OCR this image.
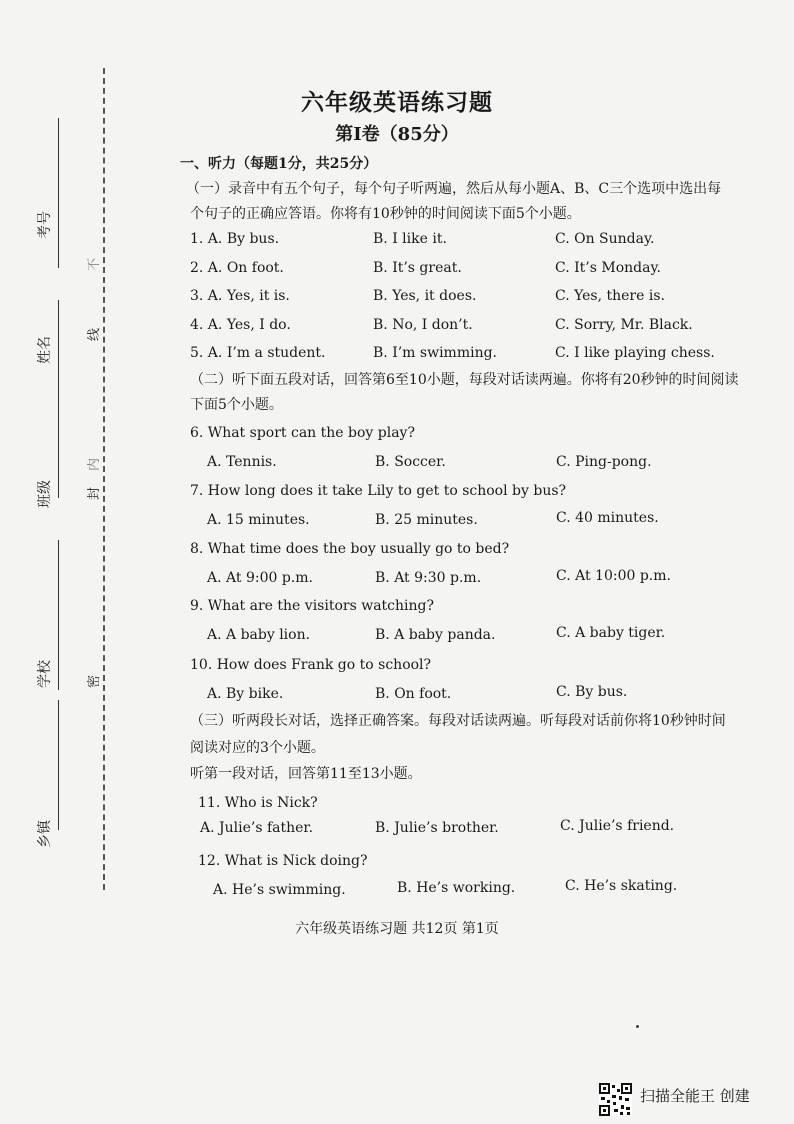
考号
姓名
班级
学校
乡镇
不
线
内
封
密
六年级英语练习题
第Ⅰ卷（85分）
一、听力（每题1分，共25分）
（一）录音中有五个句子，每个句子听两遍，然后从每小题A、B、C三个选项中选出每
个句子的正确应答语。你将有10秒钟的时间阅读下面5个小题。
1. A. By bus.	B. I like it.	C. On Sunday.
2. A. On foot.	B. It’s great.	C. It’s Monday.
3. A. Yes, it is.	B. Yes, it does.	C. Yes, there is.
4. A. Yes, I do.	B. No, I don’t.	C. Sorry, Mr. Black.
5. A. I’m a student.	B. I’m swimming.	C. I like playing chess.
（二）听下面五段对话，回答第6至10小题，每段对话读两遍。你将有20秒钟的时间阅读
下面5个小题。
6. What sport can the boy play?
A. Tennis.	B. Soccer.	C. Ping-pong.
7. How long does it take Lily to get to school by bus?
A. 15 minutes.	B. 25 minutes.	C. 40 minutes.
8. What time does the boy usually go to bed?
A. At 9:00 p.m.	B. At 9:30 p.m.	C. At 10:00 p.m.
9. What are the visitors watching?
A. A baby lion.	B. A baby panda.	C. A baby tiger.
10. How does Frank go to school?
A. By bike.	B. On foot.	C. By bus.
（三）听两段长对话，选择正确答案。每段对话读两遍。听每段对话前你将10秒钟时间
阅读对应的3个小题。
听第一段对话，回答第11至13小题。
11. Who is Nick?
A. Julie’s father.	B. Julie’s brother.	C. Julie’s friend.
12. What is Nick doing?
A. He’s swimming.	B. He’s working.	C. He’s skating.
六年级英语练习题 共12页 第1页
扫描全能王 创建
